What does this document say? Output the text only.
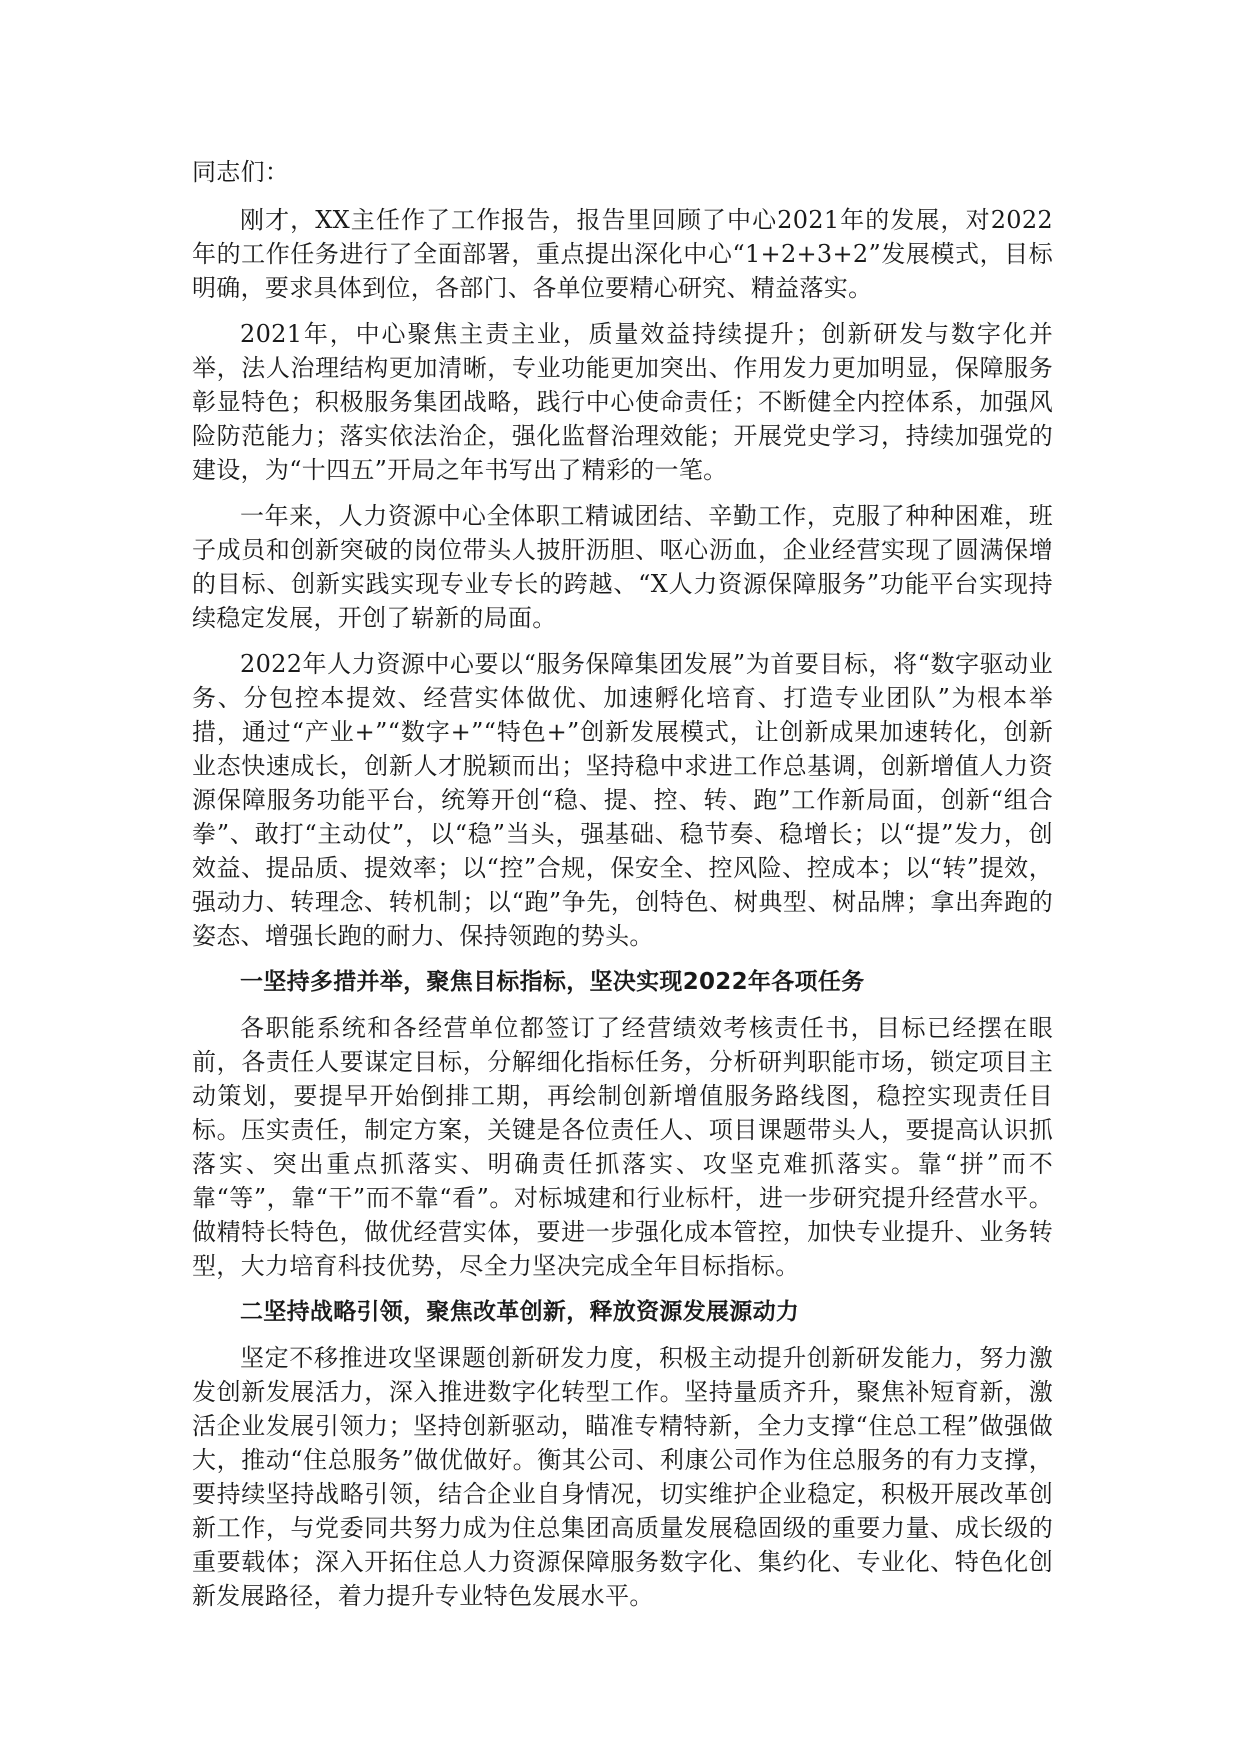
同志们：

刚才，XX主任作了工作报告，报告里回顾了中心2021年的发展，对2022年的工作任务进行了全面部署，重点提出深化中心“1+2+3+2”发展模式，目标明确，要求具体到位，各部门、各单位要精心研究、精益落实。

2021年，中心聚焦主责主业，质量效益持续提升；创新研发与数字化并举，法人治理结构更加清晰，专业功能更加突出、作用发力更加明显，保障服务彰显特色；积极服务集团战略，践行中心使命责任；不断健全内控体系，加强风险防范能力；落实依法治企，强化监督治理效能；开展党史学习，持续加强党的建设，为“十四五”开局之年书写出了精彩的一笔。

一年来，人力资源中心全体职工精诚团结、辛勤工作，克服了种种困难，班子成员和创新突破的岗位带头人披肝沥胆、呕心沥血，企业经营实现了圆满保增的目标、创新实践实现专业专长的跨越、“X人力资源保障服务”功能平台实现持续稳定发展，开创了崭新的局面。

2022年人力资源中心要以“服务保障集团发展”为首要目标，将“数字驱动业务、分包控本提效、经营实体做优、加速孵化培育、打造专业团队”为根本举措，通过“产业+”“数字+”“特色+”创新发展模式，让创新成果加速转化，创新业态快速成长，创新人才脱颖而出；坚持稳中求进工作总基调，创新增值人力资源保障服务功能平台，统筹开创“稳、提、控、转、跑”工作新局面，创新“组合拳”、敢打“主动仗”，以“稳”当头，强基础、稳节奏、稳增长；以“提”发力，创效益、提品质、提效率；以“控”合规，保安全、控风险、控成本；以“转”提效，强动力、转理念、转机制；以“跑”争先，创特色、树典型、树品牌；拿出奔跑的姿态、增强长跑的耐力、保持领跑的势头。

一坚持多措并举，聚焦目标指标，坚决实现2022年各项任务

各职能系统和各经营单位都签订了经营绩效考核责任书，目标已经摆在眼前，各责任人要谋定目标，分解细化指标任务，分析研判职能市场，锁定项目主动策划，要提早开始倒排工期，再绘制创新增值服务路线图，稳控实现责任目标。压实责任，制定方案，关键是各位责任人、项目课题带头人，要提高认识抓落实、突出重点抓落实、明确责任抓落实、攻坚克难抓落实。靠“拼”而不靠“等”，靠“干”而不靠“看”。对标城建和行业标杆，进一步研究提升经营水平。做精特长特色，做优经营实体，要进一步强化成本管控，加快专业提升、业务转型，大力培育科技优势，尽全力坚决完成全年目标指标。

二坚持战略引领，聚焦改革创新，释放资源发展源动力

坚定不移推进攻坚课题创新研发力度，积极主动提升创新研发能力，努力激发创新发展活力，深入推进数字化转型工作。坚持量质齐升，聚焦补短育新，激活企业发展引领力；坚持创新驱动，瞄准专精特新，全力支撑“住总工程”做强做大，推动“住总服务”做优做好。衡其公司、利康公司作为住总服务的有力支撑，要持续坚持战略引领，结合企业自身情况，切实维护企业稳定，积极开展改革创新工作，与党委同共努力成为住总集团高质量发展稳固级的重要力量、成长级的重要载体；深入开拓住总人力资源保障服务数字化、集约化、专业化、特色化创新发展路径，着力提升专业特色发展水平。
